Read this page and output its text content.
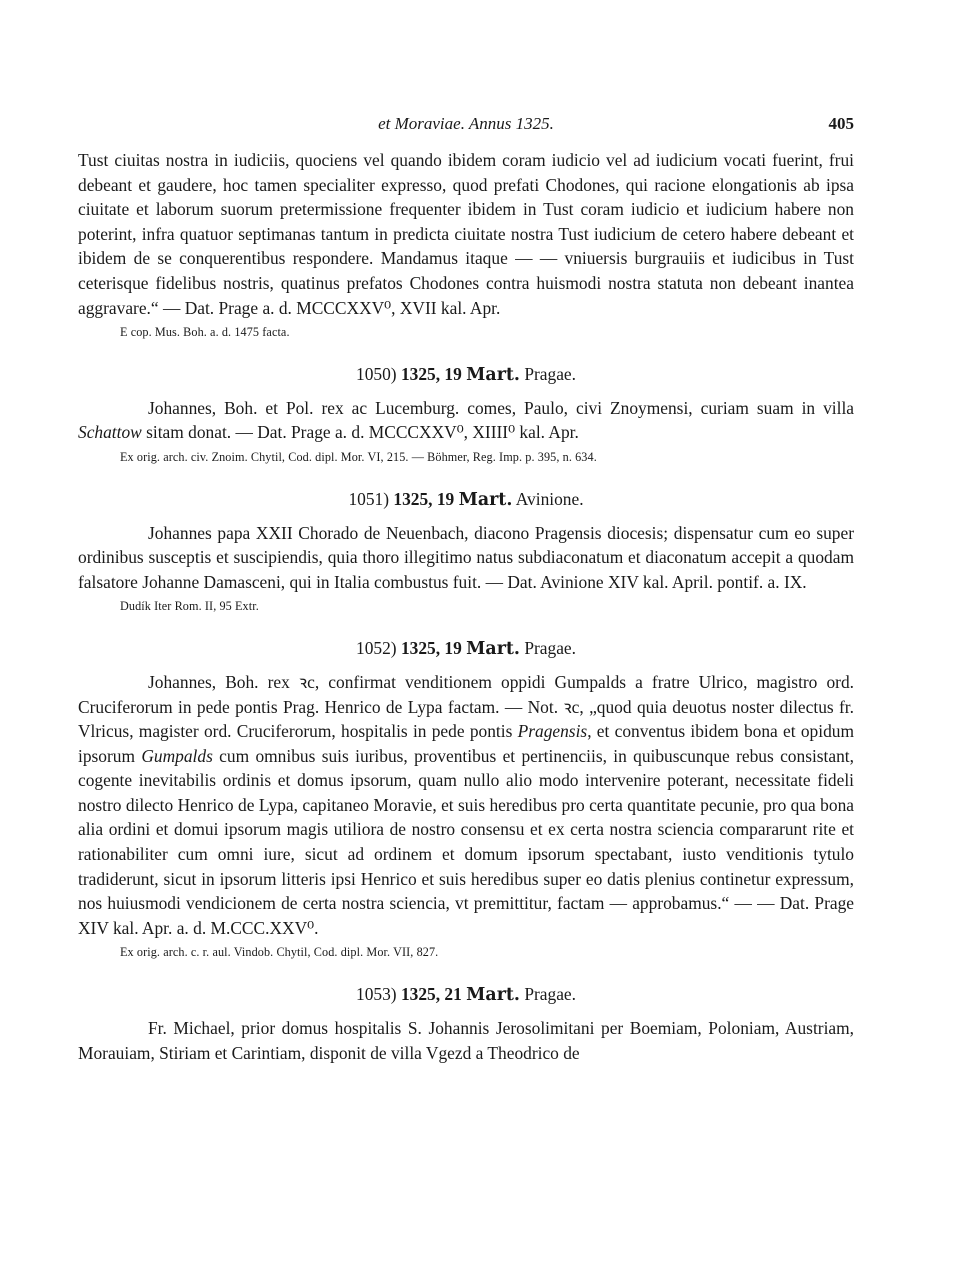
et Moraviae. Annus 1325.	405

Tust ciuitas nostra in iudiciis, quociens vel quando ibidem coram iudicio vel ad iudicium vocati fuerint, frui debeant et gaudere, hoc tamen specialiter expresso, quod prefati Chodones, qui racione elongationis ab ipsa ciuitate et laborum suorum pretermissione frequenter ibidem in Tust coram iudicio et iudicium habere non poterint, infra quatuor septimanas tantum in predicta ciuitate nostra Tust iudicium de cetero habere debeant et ibidem de se conquerentibus respondere. Mandamus itaque — — vniuersis burgrauiis et iudicibus in Tust ceterisque fidelibus nostris, quatinus prefatos Chodones contra huismodi nostra statuta non debeant inantea aggravare.“ — Dat. Prage a. d. MCCCXXV⁰, XVII kal. Apr.

E cop. Mus. Boh. a. d. 1475 facta.

1050) 1325, 19 Mart. Pragae.

Johannes, Boh. et Pol. rex ac Lucemburg. comes, Paulo, civi Znoymensi, curiam suam in villa Schattow sitam donat. — Dat. Prage a. d. MCCCXXV⁰, XIIII⁰ kal. Apr.

Ex orig. arch. civ. Znoim. Chytil, Cod. dipl. Mor. VI, 215. — Böhmer, Reg. Imp. p. 395, n. 634.

1051) 1325, 19 Mart. Avinione.

Johannes papa XXII Chorado de Neuenbach, diacono Pragensis diocesis; dispensatur cum eo super ordinibus susceptis et suscipiendis, quia thoro illegitimo natus subdiaconatum et diaconatum accepit a quodam falsatore Johanne Damasceni, qui in Italia combustus fuit. — Dat. Avinione XIV kal. April. pontif. a. IX.

Dudík Iter Rom. II, 95 Extr.

1052) 1325, 19 Mart. Pragae.

Johannes, Boh. rex ꝛc, confirmat venditionem oppidi Gumpalds a fratre Ulrico, magistro ord. Cruciferorum in pede pontis Prag. Henrico de Lypa factam. — Not. ꝛc, „quod quia deuotus noster dilectus fr. Vlricus, magister ord. Cruciferorum, hospitalis in pede pontis Pragensis, et conventus ibidem bona et opidum ipsorum Gumpalds cum omnibus suis iuribus, proventibus et pertinenciis, in quibuscunque rebus consistant, cogente inevitabilis ordinis et domus ipsorum, quam nullo alio modo intervenire poterant, necessitate fideli nostro dilecto Henrico de Lypa, capitaneo Moravie, et suis heredibus pro certa quantitate pecunie, pro qua bona alia ordini et domui ipsorum magis utiliora de nostro consensu et ex certa nostra sciencia compararunt rite et rationabiliter cum omni iure, sicut ad ordinem et domum ipsorum spectabant, iusto venditionis tytulo tradiderunt, sicut in ipsorum litteris ipsi Henrico et suis heredibus super eo datis plenius continetur expressum, nos huiusmodi vendicionem de certa nostra sciencia, vt premittitur, factam — approbamus.“ — — Dat. Prage XIV kal. Apr. a. d. M.CCC.XXV⁰.

Ex orig. arch. c. r. aul. Vindob. Chytil, Cod. dipl. Mor. VII, 827.

1053) 1325, 21 Mart. Pragae.

Fr. Michael, prior domus hospitalis S. Johannis Jerosolimitani per Boemiam, Poloniam, Austriam, Morauiam, Stiriam et Carintiam, disponit de villa Vgezd a Theodrico de
